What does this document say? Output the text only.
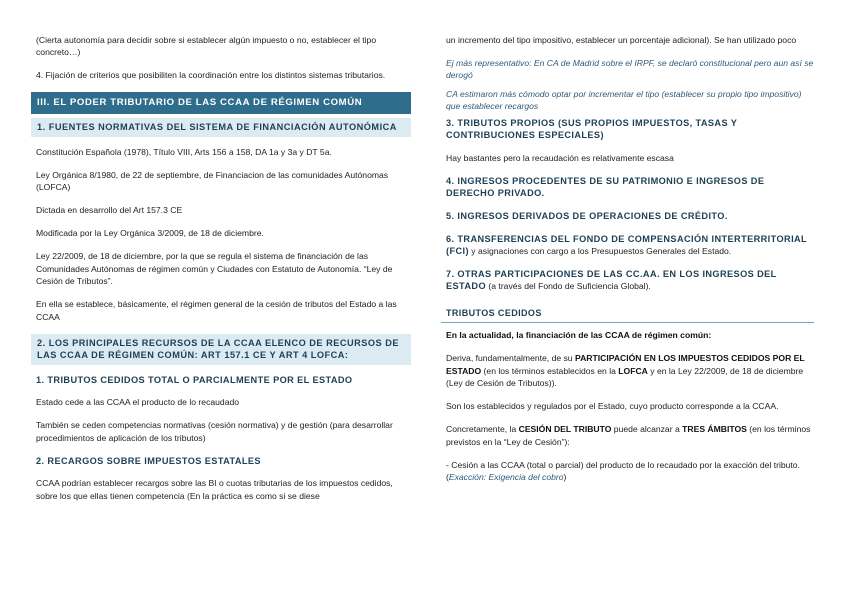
(Cierta autonomía para decidir sobre si establecer algún impuesto o no, establecer el tipo concreto…)

4. Fijación de criterios que posibiliten la coordinación entre los distintos sistemas tributarios.

III. EL PODER TRIBUTARIO DE LAS CCAA DE RÉGIMEN COMÚN
1. FUENTES NORMATIVAS DEL SISTEMA DE FINANCIACIÓN AUTONÓMICA

Constitución Española (1978), Título VIII, Arts 156 a 158, DA 1a y 3a y DT 5a.

Ley Orgánica 8/1980, de 22 de septiembre, de Financiacion de las comunidades Autónomas (LOFCA)

Dictada en desarrollo del Art 157.3 CE

Modificada por la Ley Orgánica 3/2009, de 18 de diciembre.

Ley 22/2009, de 18 de diciembre, por la que se regula el sistema de financiación de las Comunidades Autónomas de régimen común y Ciudades con Estatuto de Autonomía. “Ley de Cesión de Tributos”.

En ella se establece, básicamente, el régimen general de la cesión de tributos del Estado a las CCAA

2. LOS PRINCIPALES RECURSOS DE LA CCAA ELENCO DE RECURSOS DE LAS CCAA DE RÉGIMEN COMÚN: ART 157.1 CE Y ART 4 LOFCA:
1. TRIBUTOS CEDIDOS TOTAL O PARCIALMENTE POR EL ESTADO

Estado cede a las CCAA el producto de lo recaudado

También se ceden competencias normativas (cesión normativa) y de gestión (para desarrollar procedimientos de aplicación de los tributos)

2. RECARGOS SOBRE IMPUESTOS ESTATALES

CCAA podrían establecer recargos sobre las BI o cuotas tributarias de los impuestos cedidos, sobre los que ellas tienen competencia (En la práctica es como si se diese

un incremento del tipo impositivo, establecer un porcentaje adicional). Se han utilizado poco

Ej más representativo: En CA de Madrid sobre el IRPF, se declaró constitucional pero aun así se derogó

CA estimaron más cómodo optar por incrementar el tipo (establecer su propio tipo impositivo) que establecer recargos

3. TRIBUTOS PROPIOS (SUS PROPIOS IMPUESTOS, TASAS Y CONTRIBUCIONES ESPECIALES)

Hay bastantes pero la recaudación es relativamente escasa

4. INGRESOS PROCEDENTES DE SU PATRIMONIO E INGRESOS DE DERECHO PRIVADO.
5. INGRESOS DERIVADOS DE OPERACIONES DE CRÉDITO.
6. TRANSFERENCIAS DEL FONDO DE COMPENSACIÓN INTERTERRITORIAL (FCI) y asignaciones con cargo a los Presupuestos Generales del Estado.
7. OTRAS PARTICIPACIONES DE LAS CC.AA. EN LOS INGRESOS DEL ESTADO (a través del Fondo de Suficiencia Global).
TRIBUTOS CEDIDOS

En la actualidad, la financiación de las CCAA de régimen común:

Deriva, fundamentalmente, de su PARTICIPACIÓN EN LOS IMPUESTOS CEDIDOS POR EL ESTADO (en los términos establecidos en la LOFCA y en la Ley 22/2009, de 18 de diciembre (Ley de Cesión de Tributos)).

Son los establecidos y regulados por el Estado, cuyo producto corresponde a la CCAA.

Concretamente, la CESIÓN DEL TRIBUTO puede alcanzar a TRES ÁMBITOS (en los términos previstos en la “Ley de Cesión”):

- Cesión a las CCAA (total o parcial) del producto de lo recaudado por la exacción del tributo. (Exacción: Exigencia del cobro)
